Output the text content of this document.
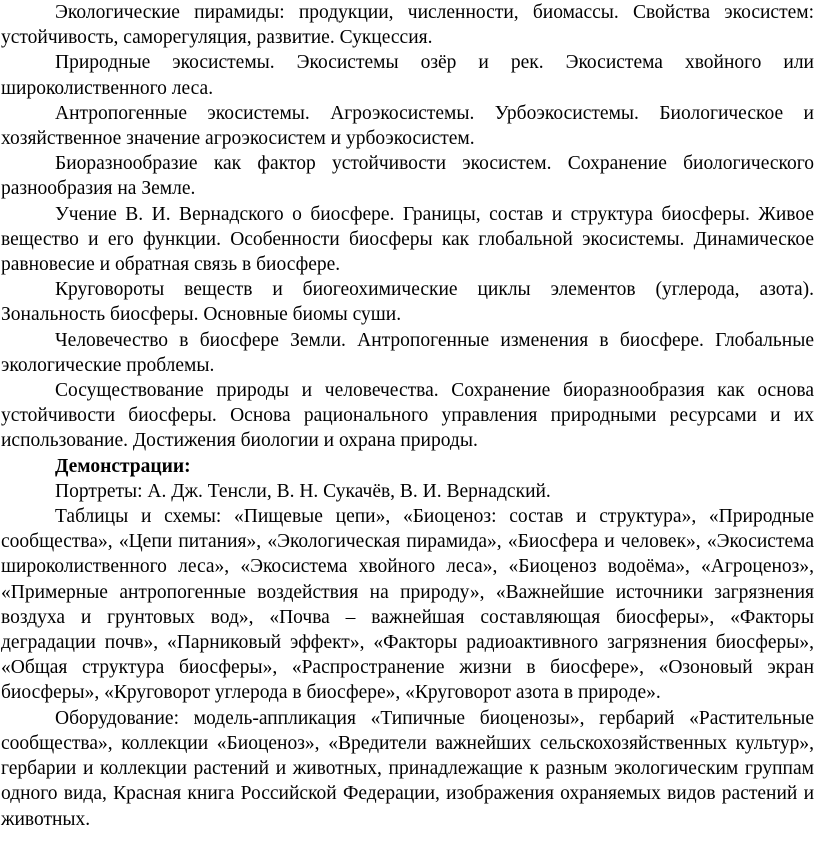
Экологические пирамиды: продукции, численности, биомассы. Свойства экосистем: устойчивость, саморегуляция, развитие. Сукцессия.

Природные экосистемы. Экосистемы озёр и рек. Экосистема хвойного или широколиственного леса.

Антропогенные экосистемы. Агроэкосистемы. Урбоэкосистемы. Биологическое и хозяйственное значение агроэкосистем и урбоэкосистем.

Биоразнообразие как фактор устойчивости экосистем. Сохранение биологического разнообразия на Земле.

Учение В. И. Вернадского о биосфере. Границы, состав и структура биосферы. Живое вещество и его функции. Особенности биосферы как глобальной экосистемы. Динамическое равновесие и обратная связь в биосфере.

Круговороты веществ и биогеохимические циклы элементов (углерода, азота). Зональность биосферы. Основные биомы суши.

Человечество в биосфере Земли. Антропогенные изменения в биосфере. Глобальные экологические проблемы.

Сосуществование природы и человечества. Сохранение биоразнообразия как основа устойчивости биосферы. Основа рационального управления природными ресурсами и их использование. Достижения биологии и охрана природы.

Демонстрации:

Портреты: А. Дж. Тенсли, В. Н. Сукачёв, В. И. Вернадский.

Таблицы и схемы: «Пищевые цепи», «Биоценоз: состав и структура», «Природные сообщества», «Цепи питания», «Экологическая пирамида», «Биосфера и человек», «Экосистема широколиственного леса», «Экосистема хвойного леса», «Биоценоз водоёма», «Агроценоз», «Примерные антропогенные воздействия на природу», «Важнейшие источники загрязнения воздуха и грунтовых вод», «Почва – важнейшая составляющая биосферы», «Факторы деградации почв», «Парниковый эффект», «Факторы радиоактивного загрязнения биосферы», «Общая структура биосферы», «Распространение жизни в биосфере», «Озоновый экран биосферы», «Круговорот углерода в биосфере», «Круговорот азота в природе».

Оборудование: модель-аппликация «Типичные биоценозы», гербарий «Растительные сообщества», коллекции «Биоценоз», «Вредители важнейших сельскохозяйственных культур», гербарии и коллекции растений и животных, принадлежащие к разным экологическим группам одного вида, Красная книга Российской Федерации, изображения охраняемых видов растений и животных.
